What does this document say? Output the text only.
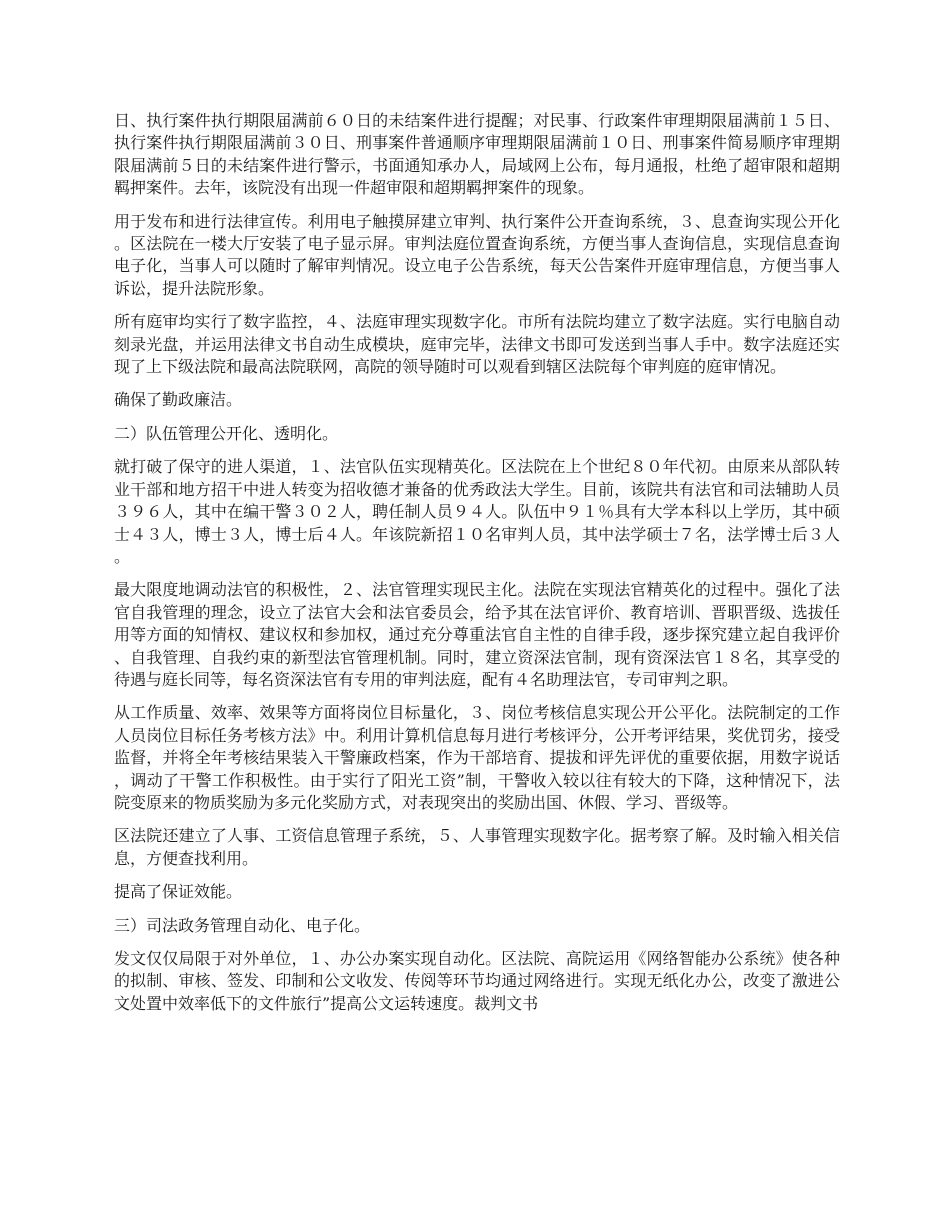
日、执行案件执行期限届满前６０日的未结案件进行提醒；对民事、行政案件审理期限届满前１５日、执行案件执行期限届满前３０日、刑事案件普通顺序审理期限届满前１０日、刑事案件简易顺序审理期限届满前５日的未结案件进行警示，书面通知承办人，局域网上公布，每月通报，杜绝了超审限和超期羁押案件。去年，该院没有出现一件超审限和超期羁押案件的现象。

用于发布和进行法律宣传。利用电子触摸屏建立审判、执行案件公开查询系统，３、息查询实现公开化。区法院在一楼大厅安装了电子显示屏。审判法庭位置查询系统，方便当事人查询信息，实现信息查询电子化，当事人可以随时了解审判情况。设立电子公告系统，每天公告案件开庭审理信息，方便当事人诉讼，提升法院形象。

所有庭审均实行了数字监控，４、法庭审理实现数字化。市所有法院均建立了数字法庭。实行电脑自动刻录光盘，并运用法律文书自动生成模块，庭审完毕，法律文书即可发送到当事人手中。数字法庭还实现了上下级法院和最高法院联网，高院的领导随时可以观看到辖区法院每个审判庭的庭审情况。

确保了勤政廉洁。

二）队伍管理公开化、透明化。

就打破了保守的进人渠道，１、法官队伍实现精英化。区法院在上个世纪８０年代初。由原来从部队转业干部和地方招干中进人转变为招收德才兼备的优秀政法大学生。目前，该院共有法官和司法辅助人员３９６人，其中在编干警３０２人，聘任制人员９４人。队伍中９１％具有大学本科以上学历，其中硕士４３人，博士３人，博士后４人。年该院新招１０名审判人员，其中法学硕士７名，法学博士后３人。

最大限度地调动法官的积极性，２、法官管理实现民主化。法院在实现法官精英化的过程中。强化了法官自我管理的理念，设立了法官大会和法官委员会，给予其在法官评价、教育培训、晋职晋级、选拔任用等方面的知情权、建议权和参加权，通过充分尊重法官自主性的自律手段，逐步探究建立起自我评价、自我管理、自我约束的新型法官管理机制。同时，建立资深法官制，现有资深法官１８名，其享受的待遇与庭长同等，每名资深法官有专用的审判法庭，配有４名助理法官，专司审判之职。

从工作质量、效率、效果等方面将岗位目标量化，３、岗位考核信息实现公开公平化。法院制定的工作人员岗位目标任务考核方法》中。利用计算机信息每月进行考核评分，公开考评结果，奖优罚劣，接受监督，并将全年考核结果装入干警廉政档案，作为干部培育、提拔和评先评优的重要依据，用数字说话，调动了干警工作积极性。由于实行了阳光工资”制，干警收入较以往有较大的下降，这种情况下，法院变原来的物质奖励为多元化奖励方式，对表现突出的奖励出国、休假、学习、晋级等。

区法院还建立了人事、工资信息管理子系统，５、人事管理实现数字化。据考察了解。及时输入相关信息，方便查找利用。

提高了保证效能。

三）司法政务管理自动化、电子化。

发文仅仅局限于对外单位，１、办公办案实现自动化。区法院、高院运用《网络智能办公系统》使各种的拟制、审核、签发、印制和公文收发、传阅等环节均通过网络进行。实现无纸化办公，改变了激进公文处置中效率低下的文件旅行”提高公文运转速度。裁判文书
